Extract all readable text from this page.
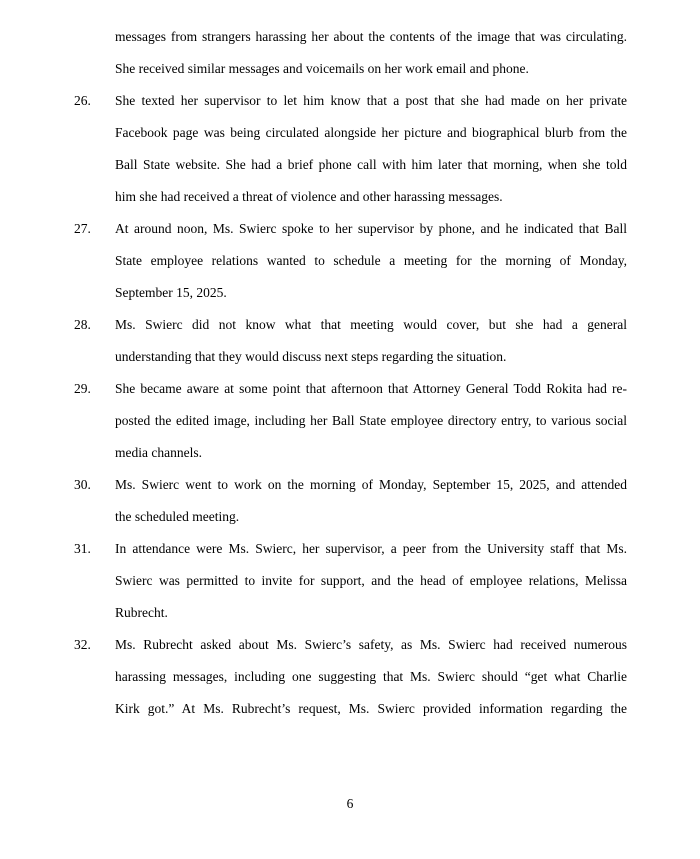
messages from strangers harassing her about the contents of the image that was circulating.
She received similar messages and voicemails on her work email and phone.
26.	She texted her supervisor to let him know that a post that she had made on her private
Facebook page was being circulated alongside her picture and biographical blurb from the
Ball State website. She had a brief phone call with him later that morning, when she told
him she had received a threat of violence and other harassing messages.
27.	At around noon, Ms. Swierc spoke to her supervisor by phone, and he indicated that Ball
State employee relations wanted to schedule a meeting for the morning of Monday,
September 15, 2025.
28.	Ms. Swierc did not know what that meeting would cover, but she had a general
understanding that they would discuss next steps regarding the situation.
29.	She became aware at some point that afternoon that Attorney General Todd Rokita had re-
posted the edited image, including her Ball State employee directory entry, to various social
media channels.
30.	Ms. Swierc went to work on the morning of Monday, September 15, 2025, and attended
the scheduled meeting.
31.	In attendance were Ms. Swierc, her supervisor, a peer from the University staff that Ms.
Swierc was permitted to invite for support, and the head of employee relations, Melissa
Rubrecht.
32.	Ms. Rubrecht asked about Ms. Swierc’s safety, as Ms. Swierc had received numerous
harassing messages, including one suggesting that Ms. Swierc should “get what Charlie
Kirk got.” At Ms. Rubrecht’s request, Ms. Swierc provided information regarding the
6
